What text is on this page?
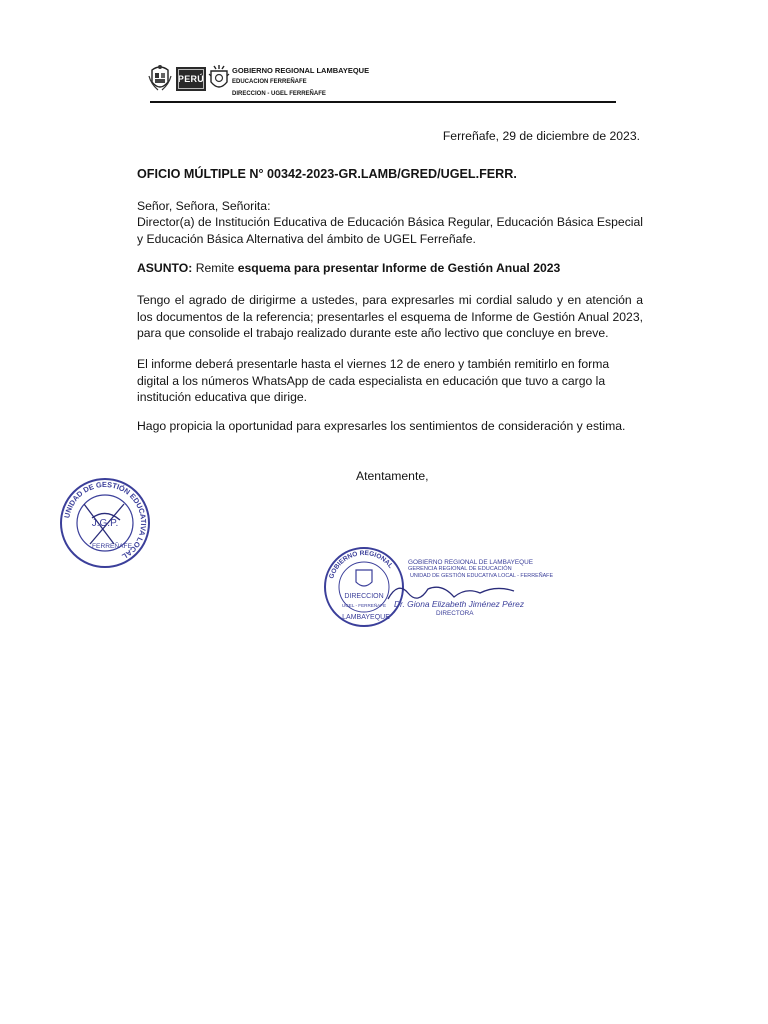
PERÚ
GOBIERNO REGIONAL LAMBAYEQUE
EDUCACION FERREÑAFE
DIRECCION - UGEL FERREÑAFE
Ferreñafe, 29 de diciembre de 2023.
OFICIO MÚLTIPLE N° 00342-2023-GR.LAMB/GRED/UGEL.FERR.
Señor, Señora, Señorita:
Director(a) de Institución Educativa de Educación Básica Regular, Educación Básica Especial y Educación Básica Alternativa del ámbito de UGEL Ferreñafe.
ASUNTO: Remite esquema para presentar Informe de Gestión Anual 2023
Tengo el agrado de dirigirme a ustedes, para expresarles mi cordial saludo y en atención a los documentos de la referencia; presentarles el esquema de Informe de Gestión Anual 2023, para que consolide el trabajo realizado durante este año lectivo que concluye en breve.
El informe deberá presentarle hasta el viernes 12 de enero y también remitirlo en forma digital a los números WhatsApp de cada especialista en educación que tuvo a cargo la institución educativa que dirige.
Hago propicia la oportunidad para expresarles los sentimientos de consideración y estima.
Atentamente,
UNIDAD DE GESTIÓN EDUCATIVA LOCAL
J.G.P.
FERREÑAFE
GOBIERNO REGIONAL
DIRECCION
UGEL - FERREÑAFE
LAMBAYEQUE
GOBIERNO REGIONAL DE LAMBAYEQUE
GERENCIA REGIONAL DE EDUCACIÓN
UNIDAD DE GESTIÓN EDUCATIVA LOCAL - FERREÑAFE
Dr. Giona Elizabeth Jiménez Pérez
DIRECTORA
